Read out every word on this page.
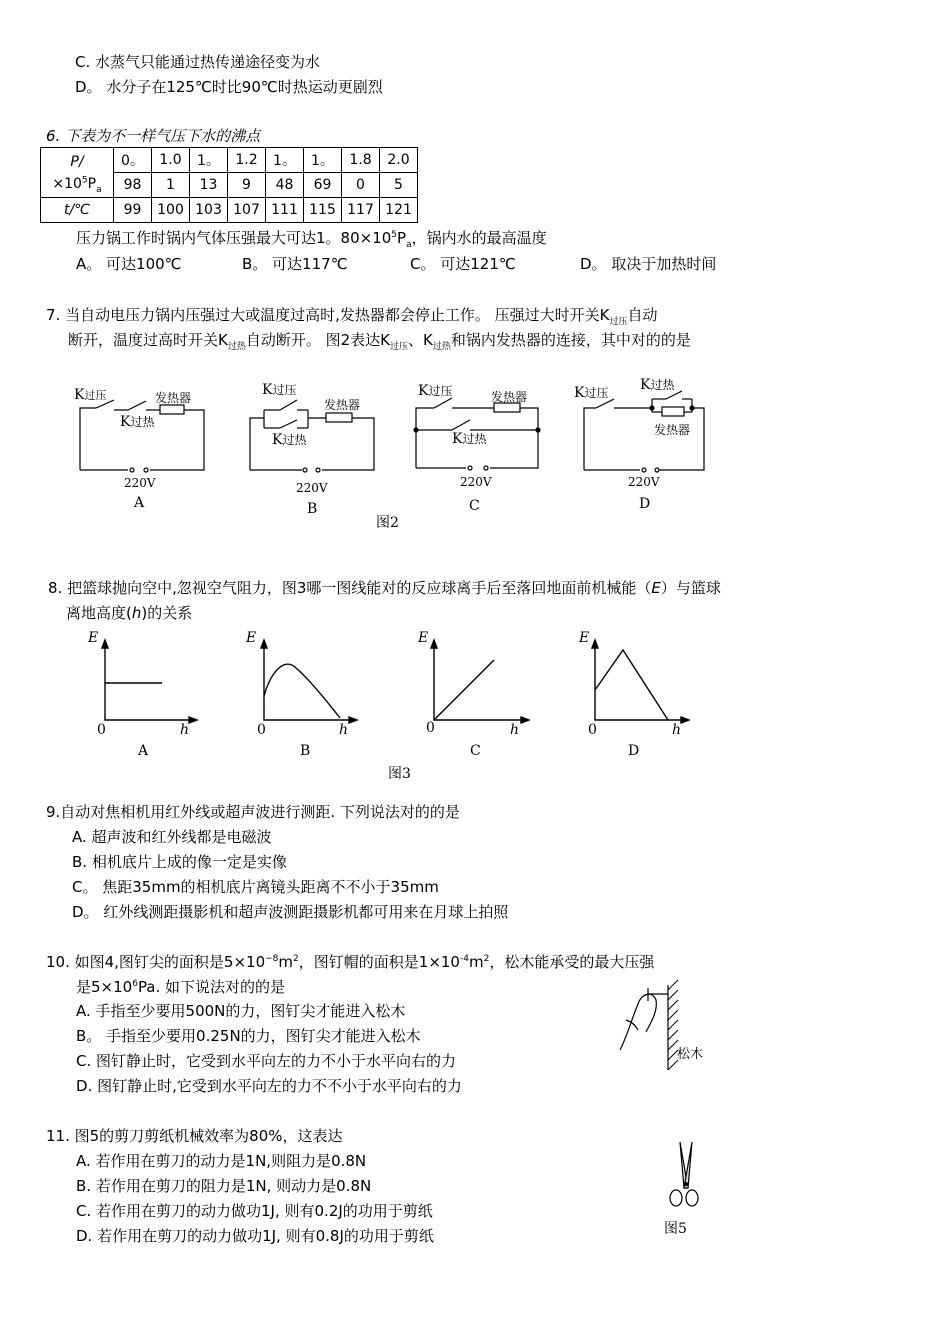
C. 水蒸气只能通过热传递途径变为水
D。 水分子在125℃时比90℃时热运动更剧烈
6. 下表为不一样气压下水的沸点
P/
$\times 10^5P_a$	0。	1.0	1。	1.2	1。	1。	1.8	2.0
	98	1	13	9	48	69	0	5
t/℃	99	100	103	107	111	115	117	121
压力锅工作时锅内气体压强最大可达1。$80\times 10^5P_a$，锅内水的最高温度
A。 可达100℃	B。 可达117℃	C。 可达121℃	D。 取决于加热时间
7. 当自动电压力锅内压强过大或温度过高时,发热器都会停止工作。 压强过大时开关$K_{过压}$自动
断开，温度过高时开关$K_{过热}$自动断开。 图2表达$K_{过压}$、$K_{过热}$和锅内发热器的连接，其中对的的是
K过压
K过热
发热器
220V
A
K过压
K过热
发热器
220V
B
K过压
K过热
发热器
220V
C
K过压 K过热
发热器
220V
D
图2
E
h
0
A
E
h
0
B
E
h
0
C
E
h
0
D
图3
松木
图5
8. 把篮球抛向空中,忽视空气阻力，图3哪一图线能对的反应球离手后至落回地面前机械能（E）与篮球
离地高度(h)的关系
9.自动对焦相机用红外线或超声波进行测距. 下列说法对的的是
A. 超声波和红外线都是电磁波
B. 相机底片上成的像一定是实像
C。 焦距35mm的相机底片离镜头距离不不小于35mm
D。 红外线测距摄影机和超声波测距摄影机都可用来在月球上拍照
10. 如图4,图钉尖的面积是$5\times 10^{-8}m^2$，图钉帽的面积是$1\times 10^{-4}m^2$，松木能承受的最大压强
是$5\times 10^6Pa$. 如下说法对的的是
A. 手指至少要用500N的力，图钉尖才能进入松木
B。 手指至少要用0.25N的力，图钉尖才能进入松木
C. 图钉静止时，它受到水平向左的力不小于水平向右的力
D. 图钉静止时,它受到水平向左的力不不小于水平向右的力
11. 图5的剪刀剪纸机械效率为80%，这表达
A. 若作用在剪刀的动力是1N,则阻力是0.8N
B. 若作用在剪刀的阻力是1N, 则动力是0.8N
C. 若作用在剪刀的动力做功1J, 则有0.2J的功用于剪纸
D. 若作用在剪刀的动力做功1J, 则有0.8J的功用于剪纸
